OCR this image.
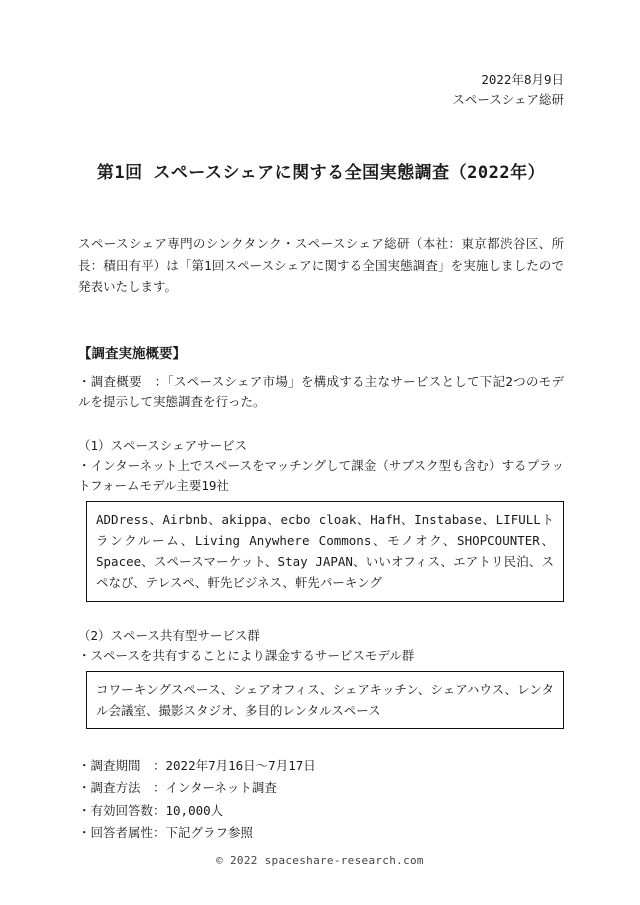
2022年8月9日
スペースシェア総研
第1回 スペースシェアに関する全国実態調査（2022年）
スペースシェア専門のシンクタンク・スペースシェア総研（本社：東京都渋谷区、所長：積田有平）は「第1回スペースシェアに関する全国実態調査」を実施しましたので発表いたします。
【調査実施概要】
・調査概要　：「スペースシェア市場」を構成する主なサービスとして下記2つのモデルを提示して実態調査を行った。
（1）スペースシェアサービス
・インターネット上でスペースをマッチングして課金（サブスク型も含む）するプラットフォームモデル主要19社
ADDress、Airbnb、akippa、ecbo cloak、HafH、Instabase、LIFULLトランクルーム、Living Anywhere Commons、モノオク、SHOPCOUNTER、Spacee、スペースマーケット、Stay JAPAN、いいオフィス、エアトリ民泊、スペなび、テレスペ、軒先ビジネス、軒先パーキング
（2）スペース共有型サービス群
・スペースを共有することにより課金するサービスモデル群
コワーキングスペース、シェアオフィス、シェアキッチン、シェアハウス、レンタル会議室、撮影スタジオ、多目的レンタルスペース
・調査期間　：2022年7月16日〜7月17日
・調査方法　：インターネット調査
・有効回答数：10,000人
・回答者属性：下記グラフ参照
© 2022 spaceshare-research.com
